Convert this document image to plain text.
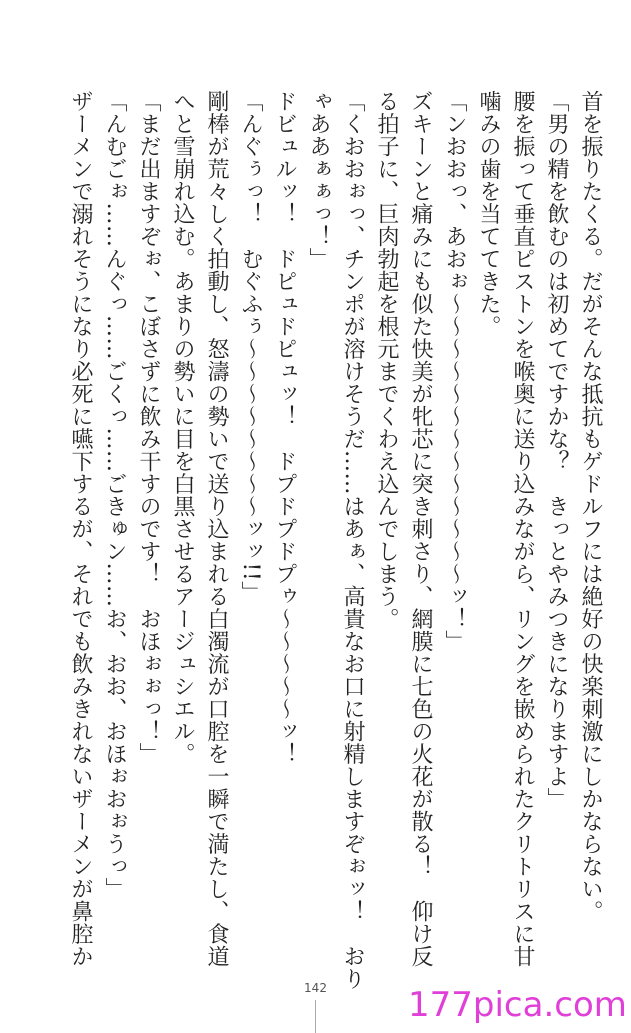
首を振りたくる。だがそんな抵抗もゲドルフには絶好の快楽刺激にしかならない。
「男の精を飲むのは初めてですかな？　きっとやみつきになりますよ」
腰を振って垂直ピストンを喉奥に送り込みながら、リングを嵌められたクリトリスに甘
噛みの歯を当ててきた。
「ンおおっ、あおぉ～～～～～～～～～～～～～ッ！」
ズキーンと痛みにも似た快美が牝芯に突き刺さり、網膜に七色の火花が散る！　仰け反
る拍子に、巨肉勃起を根元までくわえ込んでしまう。
「くおおぉっ、チンポが溶けそうだ……はあぁ、高貴なお口に射精しますぞぉッ！　おり
ゃああぁぁっ！」
ドビュルッ！　ドピュドピュッ！　ドプドプドプゥ～～～～～ッ！
「んぐぅっ！　むぐふぅ～～～～～～～～ッッ!!」
剛棒が荒々しく拍動し、怒濤の勢いで送り込まれる白濁流が口腔を一瞬で満たし、食道
へと雪崩れ込む。あまりの勢いに目を白黒させるアージュシエル。
「まだ出ますぞぉ、こぼさずに飲み干すのです！　おほぉぉっ！」
「んむごぉ……んぐっ……ごくっ……ごきゅン……お、おお、おほぉおぉうっ」
ザーメンで溺れそうになり必死に嚥下するが、それでも飲みきれないザーメンが鼻腔か
142	177pica.com
